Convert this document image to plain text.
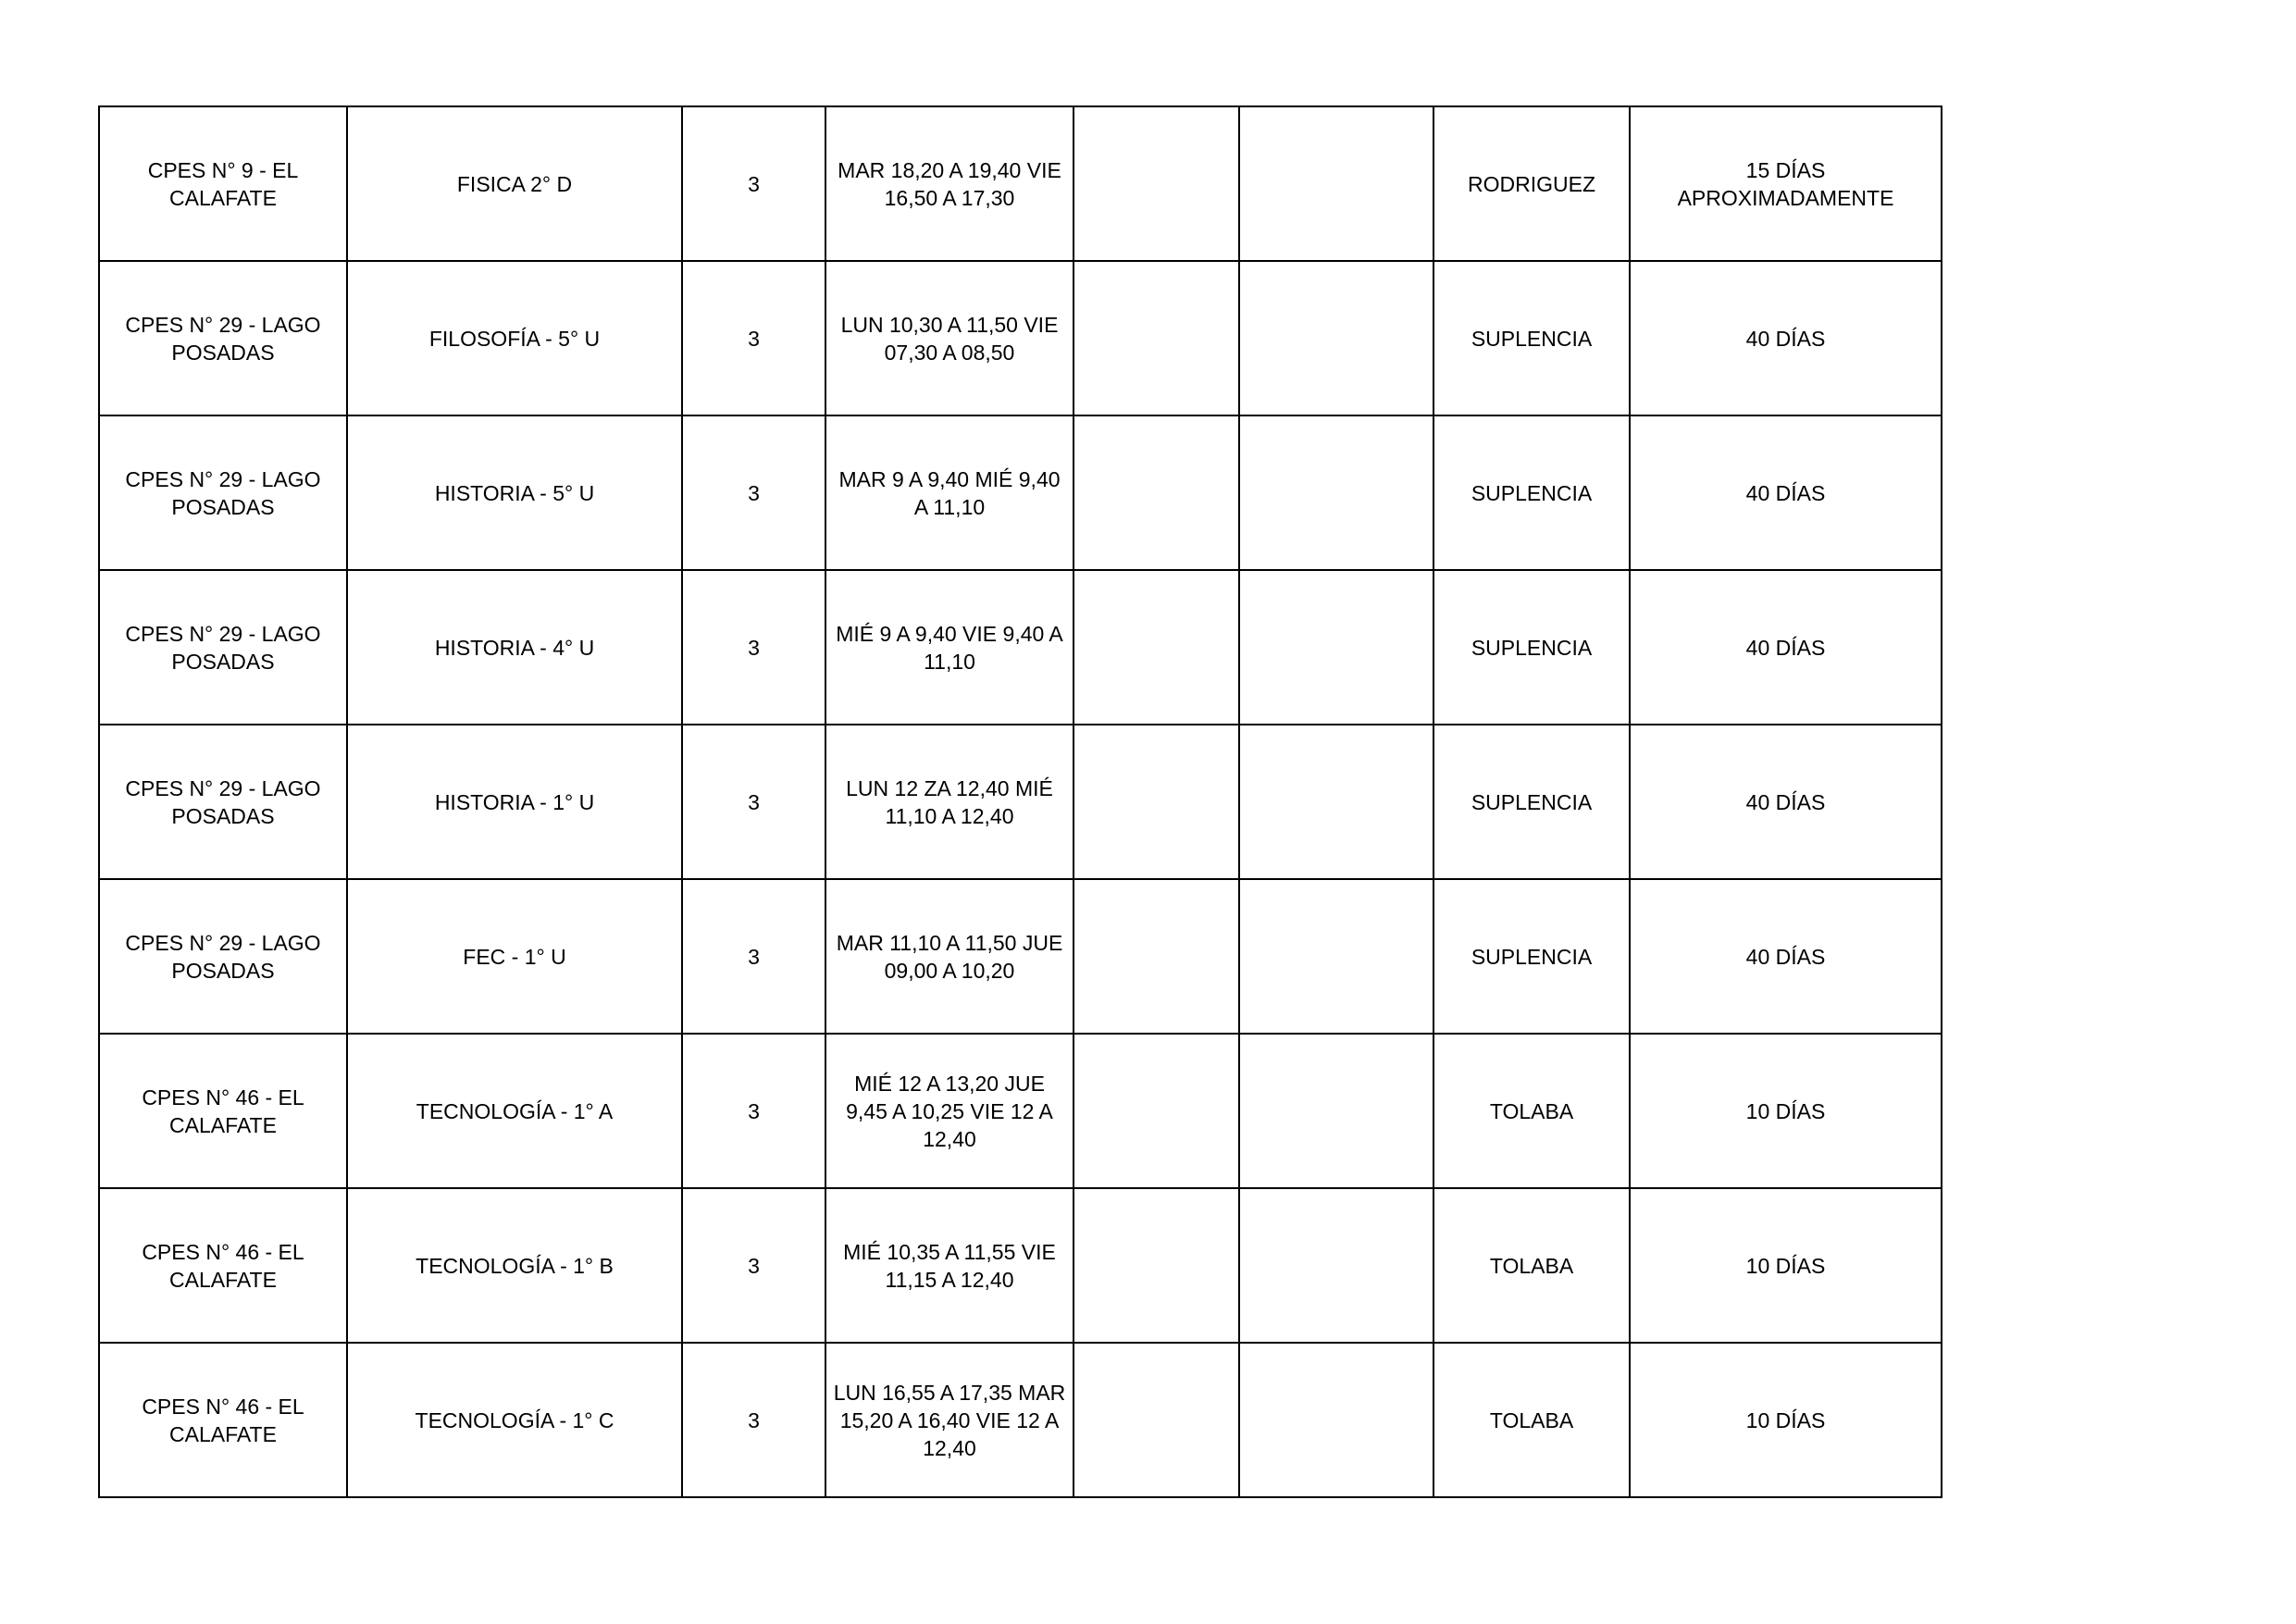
CPES N° 9 - EL CALAFATE	FISICA 2° D	3	MAR 18,20 A 19,40 VIE 16,50 A 17,30			RODRIGUEZ	15 DÍAS APROXIMADAMENTE
CPES N° 29 - LAGO POSADAS	FILOSOFÍA - 5° U	3	LUN 10,30 A 11,50 VIE 07,30 A 08,50			SUPLENCIA	40 DÍAS
CPES N° 29 - LAGO POSADAS	HISTORIA - 5° U	3	MAR 9 A 9,40 MIÉ 9,40 A 11,10			SUPLENCIA	40 DÍAS
CPES N° 29 - LAGO POSADAS	HISTORIA - 4° U	3	MIÉ 9 A 9,40 VIE 9,40 A 11,10			SUPLENCIA	40 DÍAS
CPES N° 29 - LAGO POSADAS	HISTORIA - 1° U	3	LUN 12 ZA 12,40 MIÉ 11,10 A 12,40			SUPLENCIA	40 DÍAS
CPES N° 29 - LAGO POSADAS	FEC - 1° U	3	MAR 11,10 A 11,50 JUE 09,00 A 10,20			SUPLENCIA	40 DÍAS
CPES N° 46 - EL CALAFATE	TECNOLOGÍA - 1° A	3	MIÉ 12 A 13,20 JUE 9,45 A 10,25 VIE 12 A 12,40			TOLABA	10 DÍAS
CPES N° 46 - EL CALAFATE	TECNOLOGÍA - 1° B	3	MIÉ 10,35 A 11,55 VIE 11,15 A 12,40			TOLABA	10 DÍAS
CPES N° 46 - EL CALAFATE	TECNOLOGÍA - 1° C	3	LUN 16,55 A 17,35 MAR 15,20 A 16,40 VIE 12 A 12,40			TOLABA	10 DÍAS
